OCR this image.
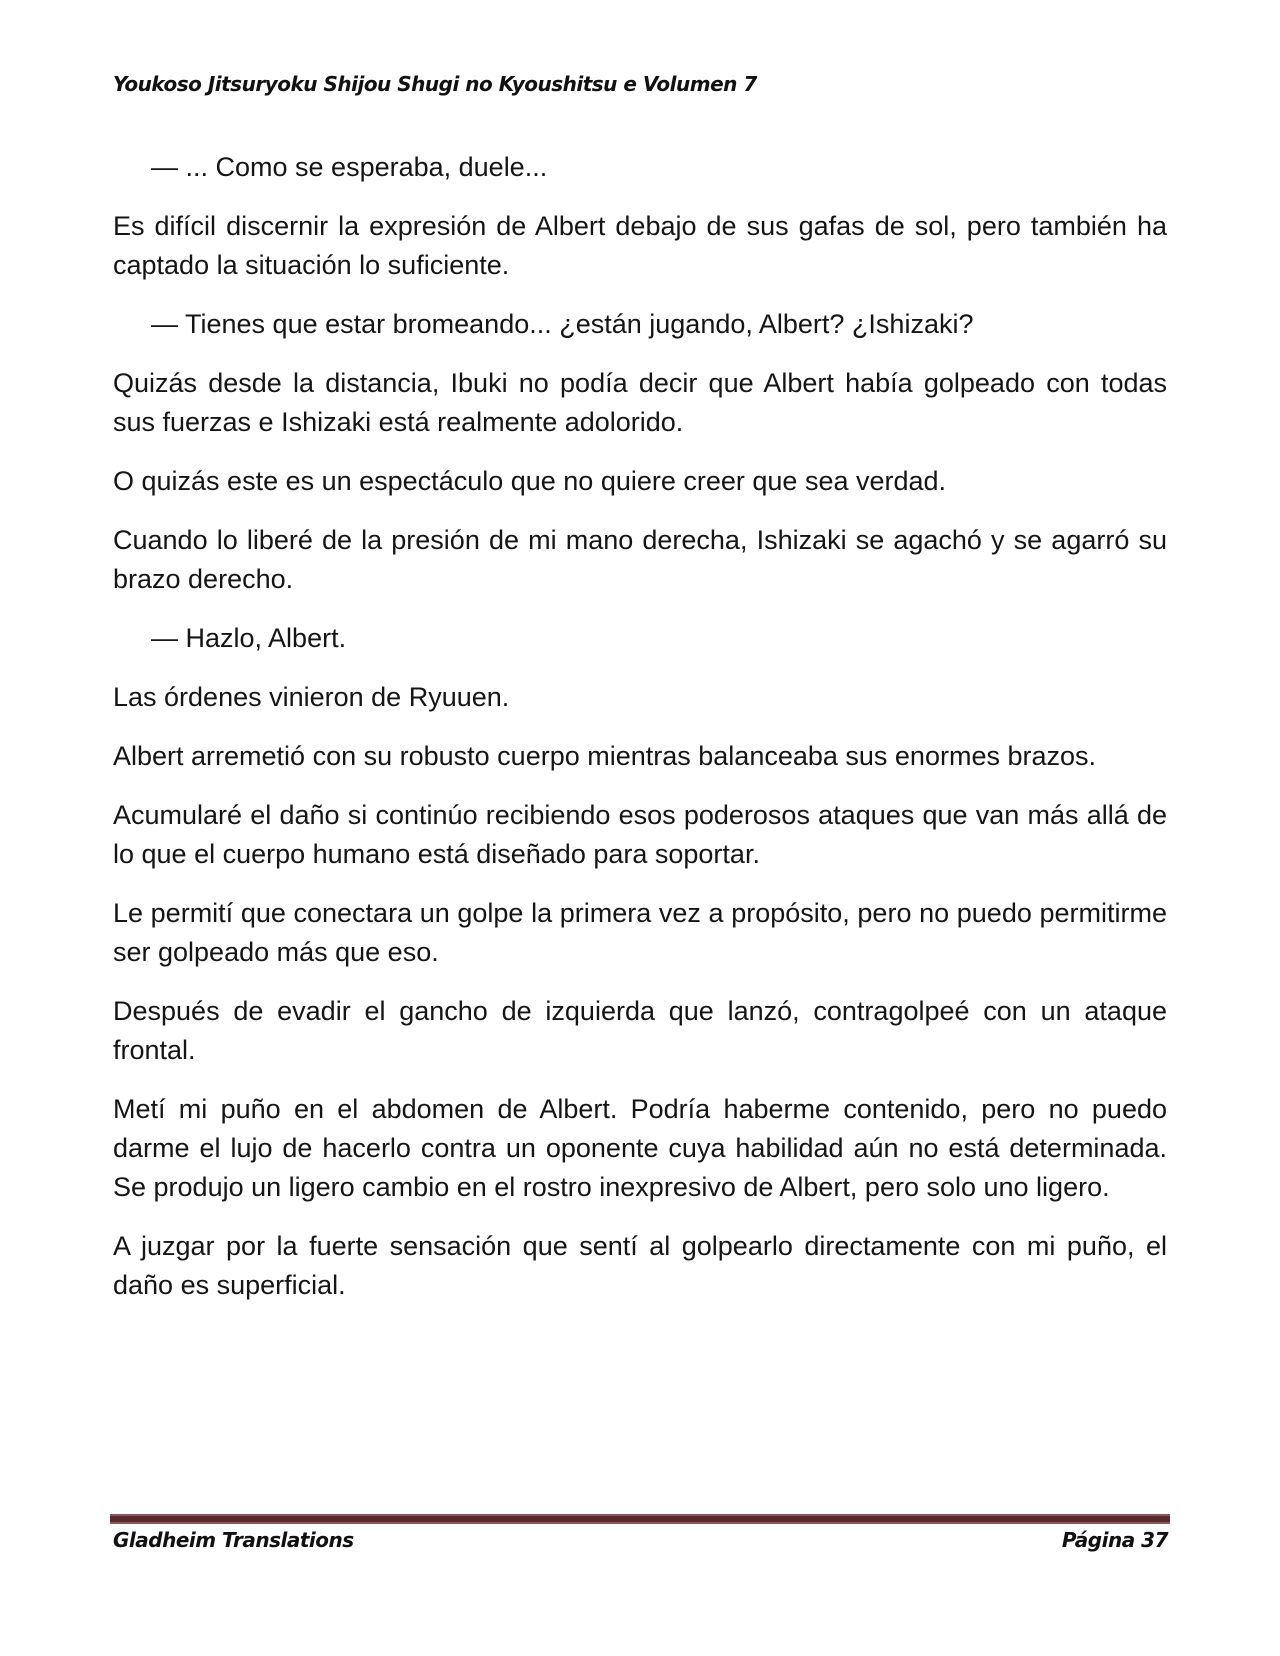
Youkoso Jitsuryoku Shijou Shugi no Kyoushitsu e Volumen 7

— ... Como se esperaba, duele...

Es difícil discernir la expresión de Albert debajo de sus gafas de sol, pero también ha captado la situación lo suficiente.

— Tienes que estar bromeando... ¿están jugando, Albert? ¿Ishizaki?

Quizás desde la distancia, Ibuki no podía decir que Albert había golpeado con todas sus fuerzas e Ishizaki está realmente adolorido.

O quizás este es un espectáculo que no quiere creer que sea verdad.

Cuando lo liberé de la presión de mi mano derecha, Ishizaki se agachó y se agarró su brazo derecho.

— Hazlo, Albert.

Las órdenes vinieron de Ryuuen.

Albert arremetió con su robusto cuerpo mientras balanceaba sus enormes brazos.

Acumularé el daño si continúo recibiendo esos poderosos ataques que van más allá de lo que el cuerpo humano está diseñado para soportar.

Le permití que conectara un golpe la primera vez a propósito, pero no puedo permitirme ser golpeado más que eso.

Después de evadir el gancho de izquierda que lanzó, contragolpeé con un ataque frontal.

Metí mi puño en el abdomen de Albert. Podría haberme contenido, pero no puedo darme el lujo de hacerlo contra un oponente cuya habilidad aún no está determinada. Se produjo un ligero cambio en el rostro inexpresivo de Albert, pero solo uno ligero.

A juzgar por la fuerte sensación que sentí al golpearlo directamente con mi puño, el daño es superficial.

Gladheim Translations	Página 37
